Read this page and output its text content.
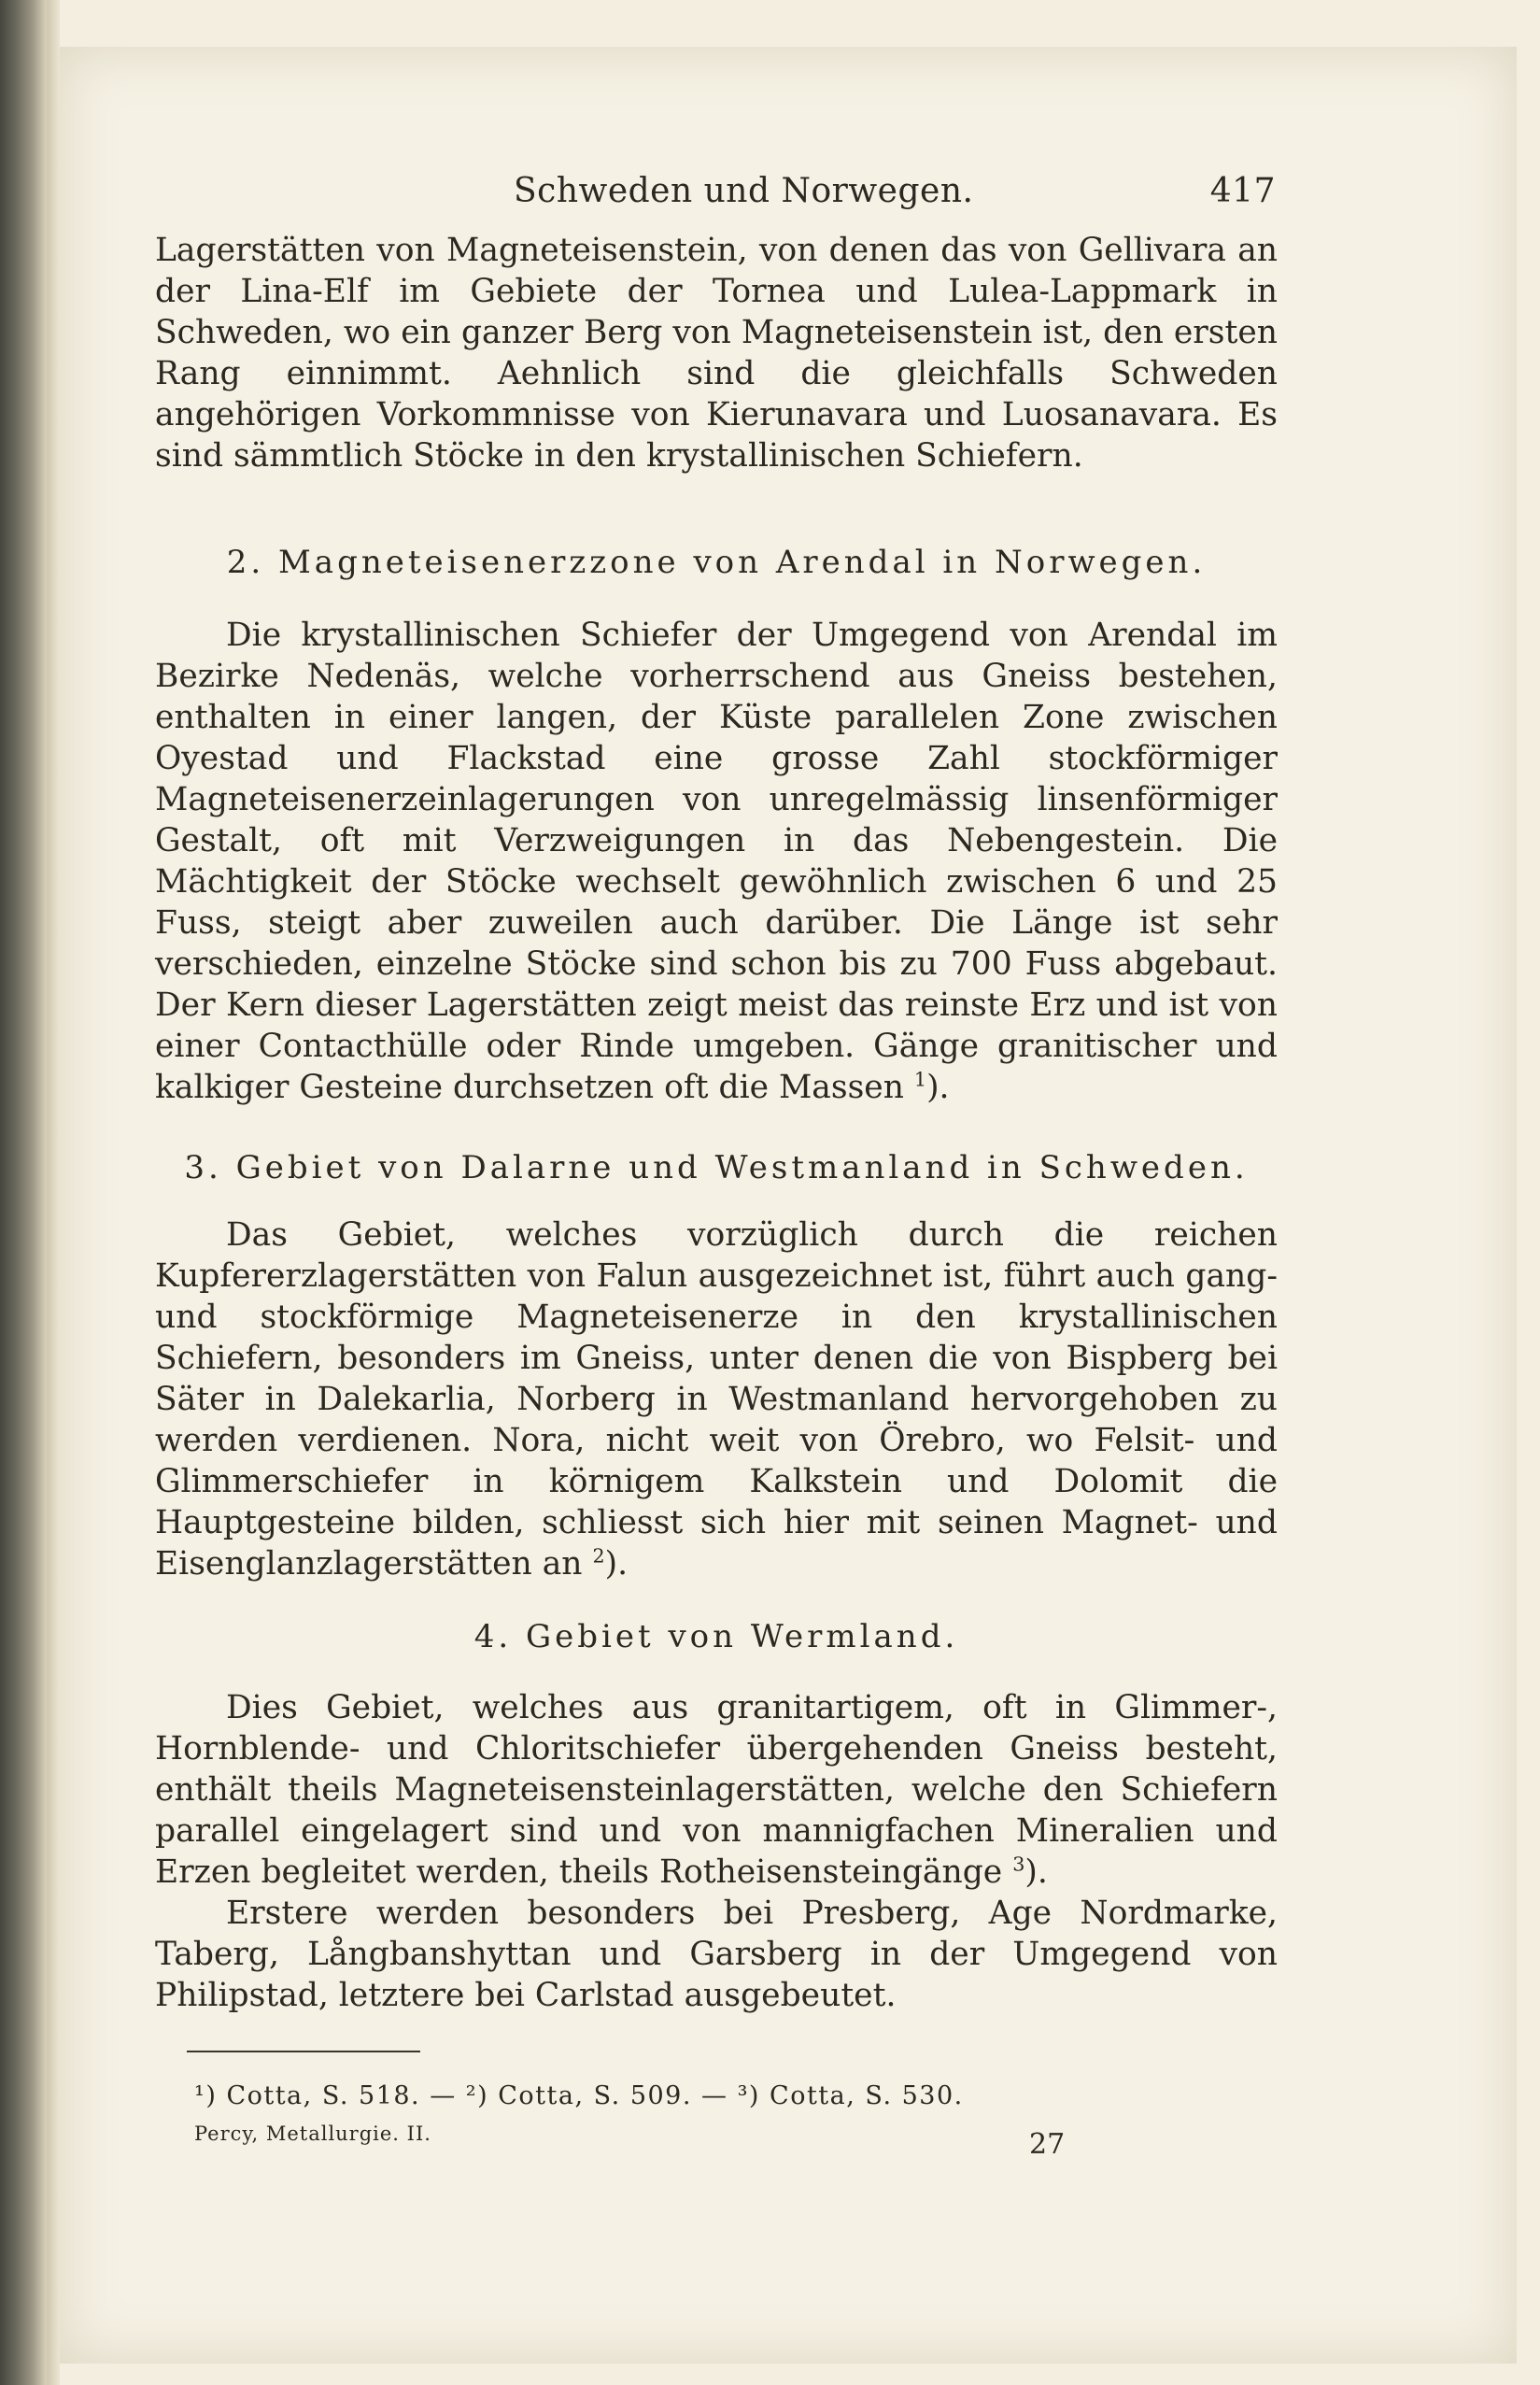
Schweden und Norwegen.	417

Lagerstätten von Magneteisenstein, von denen das von Gellivara an der Lina-Elf im Gebiete der Tornea und Lulea-Lappmark in Schweden, wo ein ganzer Berg von Magneteisenstein ist, den ersten Rang einnimmt. Aehnlich sind die gleichfalls Schweden angehörigen Vorkommnisse von Kierunavara und Luosanavara. Es sind sämmtlich Stöcke in den krystallinischen Schiefern.

2. Magneteisenerzzone von Arendal in Norwegen.

Die krystallinischen Schiefer der Umgegend von Arendal im Bezirke Nedenäs, welche vorherrschend aus Gneiss bestehen, enthalten in einer langen, der Küste parallelen Zone zwischen Oyestad und Flackstad eine grosse Zahl stockförmiger Magneteisenerzeinlagerungen von unregelmässig linsenförmiger Gestalt, oft mit Verzweigungen in das Nebengestein. Die Mächtigkeit der Stöcke wechselt gewöhnlich zwischen 6 und 25 Fuss, steigt aber zuweilen auch darüber. Die Länge ist sehr verschieden, einzelne Stöcke sind schon bis zu 700 Fuss abgebaut. Der Kern dieser Lagerstätten zeigt meist das reinste Erz und ist von einer Contacthülle oder Rinde umgeben. Gänge granitischer und kalkiger Gesteine durchsetzen oft die Massen $^1$).

3. Gebiet von Dalarne und Westmanland in Schweden.

Das Gebiet, welches vorzüglich durch die reichen Kupfererzlagerstätten von Falun ausgezeichnet ist, führt auch gang- und stockförmige Magneteisenerze in den krystallinischen Schiefern, besonders im Gneiss, unter denen die von Bispberg bei Säter in Dalekarlia, Norberg in Westmanland hervorgehoben zu werden verdienen. Nora, nicht weit von Örebro, wo Felsit- und Glimmerschiefer in körnigem Kalkstein und Dolomit die Hauptgesteine bilden, schliesst sich hier mit seinen Magnet- und Eisenglanzlagerstätten an $^2$).

4. Gebiet von Wermland.

Dies Gebiet, welches aus granitartigem, oft in Glimmer-, Hornblende- und Chloritschiefer übergehenden Gneiss besteht, enthält theils Magneteisensteinlagerstätten, welche den Schiefern parallel eingelagert sind und von mannigfachen Mineralien und Erzen begleitet werden, theils Rotheisensteingänge $^3$).

Erstere werden besonders bei Presberg, Age Nordmarke, Taberg, Långbanshyttan und Garsberg in der Umgegend von Philipstad, letztere bei Carlstad ausgebeutet.

¹) Cotta, S. 518. — ²) Cotta, S. 509. — ³) Cotta, S. 530.
Percy, Metallurgie. II.	27
